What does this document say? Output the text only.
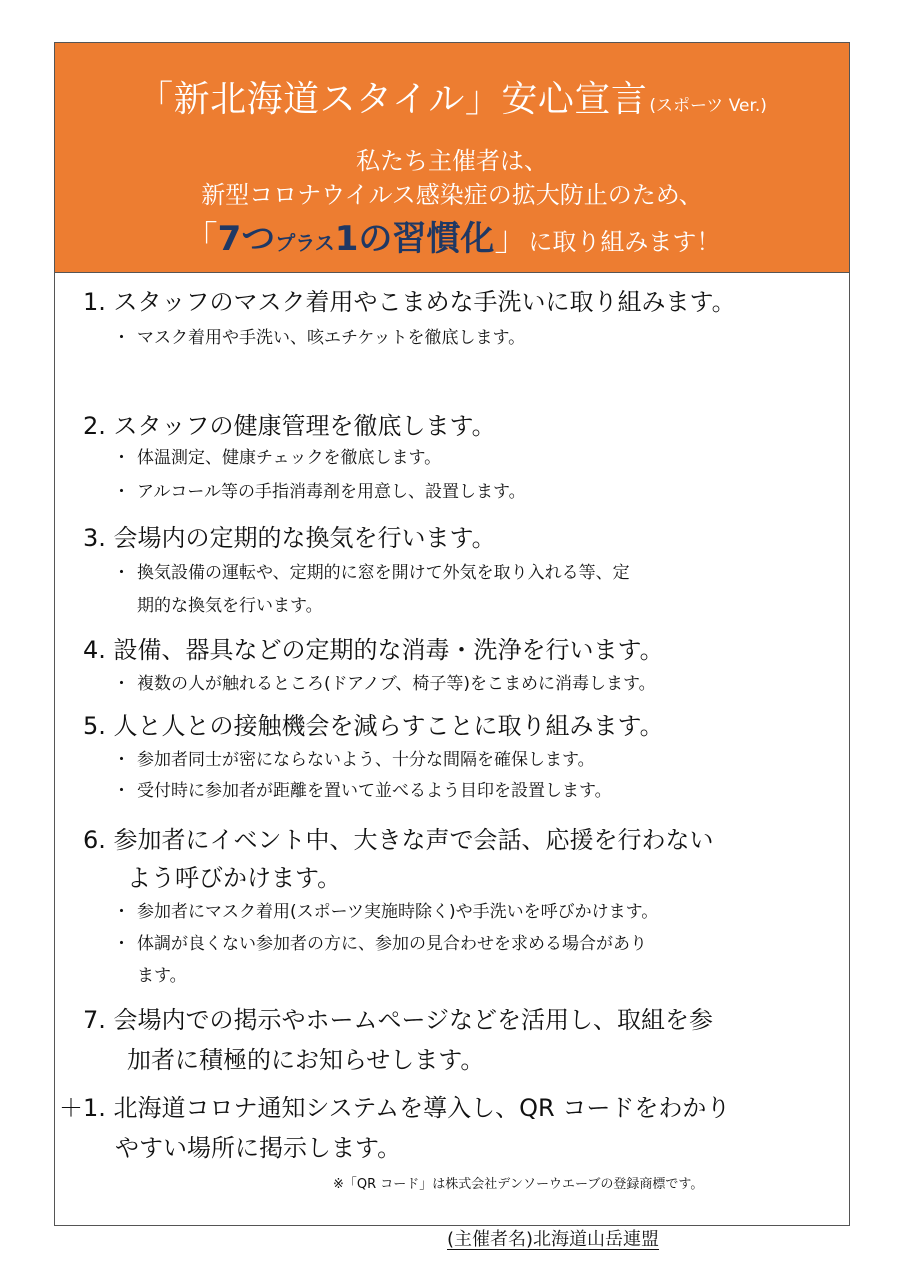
「新北海道スタイル」安心宣言 (スポーツ Ver.)
私たち主催者は、
新型コロナウイルス感染症の拡大防止のため、
「7つプラス1の習慣化」に取り組みます！
1. スタッフのマスク着用やこまめな手洗いに取り組みます。
・ マスク着用や手洗い、咳エチケットを徹底します。
2. スタッフの健康管理を徹底します。
・ 体温測定、健康チェックを徹底します。
・ アルコール等の手指消毒剤を用意し、設置します。
3. 会場内の定期的な換気を行います。
・ 換気設備の運転や、定期的に窓を開けて外気を取り入れる等、定
期的な換気を行います。
4. 設備、器具などの定期的な消毒・洗浄を行います。
・ 複数の人が触れるところ(ドアノブ、椅子等)をこまめに消毒します。
5. 人と人との接触機会を減らすことに取り組みます。
・ 参加者同士が密にならないよう、十分な間隔を確保します。
・ 受付時に参加者が距離を置いて並べるよう目印を設置します。
6. 参加者にイベント中、大きな声で会話、応援を行わない
よう呼びかけます。
・ 参加者にマスク着用(スポーツ実施時除く)や手洗いを呼びかけます。
・ 体調が良くない参加者の方に、参加の見合わせを求める場合があり
ます。
7. 会場内での掲示やホームページなどを活用し、取組を参
加者に積極的にお知らせします。
＋1. 北海道コロナ通知システムを導入し、QR コードをわかり
やすい場所に掲示します。
※「QR コード」は株式会社デンソーウエーブの登録商標です。
(主催者名)北海道山岳連盟
